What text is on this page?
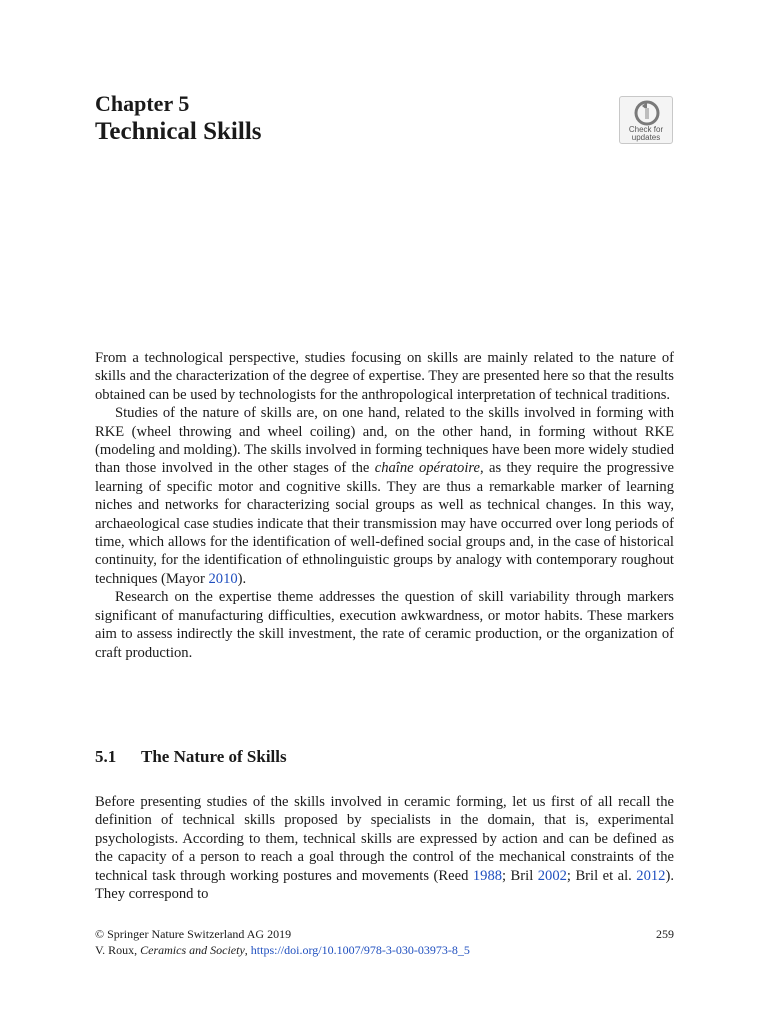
Chapter 5
Technical Skills	Check for
updates

From a technological perspective, studies focusing on skills are mainly related to the nature of skills and the characterization of the degree of expertise. They are presented here so that the results obtained can be used by technologists for the anthropological interpretation of technical traditions.

Studies of the nature of skills are, on one hand, related to the skills involved in forming with RKE (wheel throwing and wheel coiling) and, on the other hand, in forming without RKE (modeling and molding). The skills involved in forming techniques have been more widely studied than those involved in the other stages of the chaîne opératoire, as they require the progressive learning of specific motor and cognitive skills. They are thus a remarkable marker of learning niches and networks for characterizing social groups as well as technical changes. In this way, archaeological case studies indicate that their transmission may have occurred over long periods of time, which allows for the identification of well-defined social groups and, in the case of historical continuity, for the identification of ethnolinguistic groups by analogy with contemporary roughout techniques (Mayor 2010).

Research on the expertise theme addresses the question of skill variability through markers significant of manufacturing difficulties, execution awkwardness, or motor habits. These markers aim to assess indirectly the skill investment, the rate of ceramic production, or the organization of craft production.

5.1 The Nature of Skills

Before presenting studies of the skills involved in ceramic forming, let us first of all recall the definition of technical skills proposed by specialists in the domain, that is, experimental psychologists. According to them, technical skills are expressed by action and can be defined as the capacity of a person to reach a goal through the control of the mechanical constraints of the technical task through working postures and movements (Reed 1988; Bril 2002; Bril et al. 2012). They correspond to

© Springer Nature Switzerland AG 2019	259
V. Roux, Ceramics and Society, https://doi.org/10.1007/978-3-030-03973-8_5
